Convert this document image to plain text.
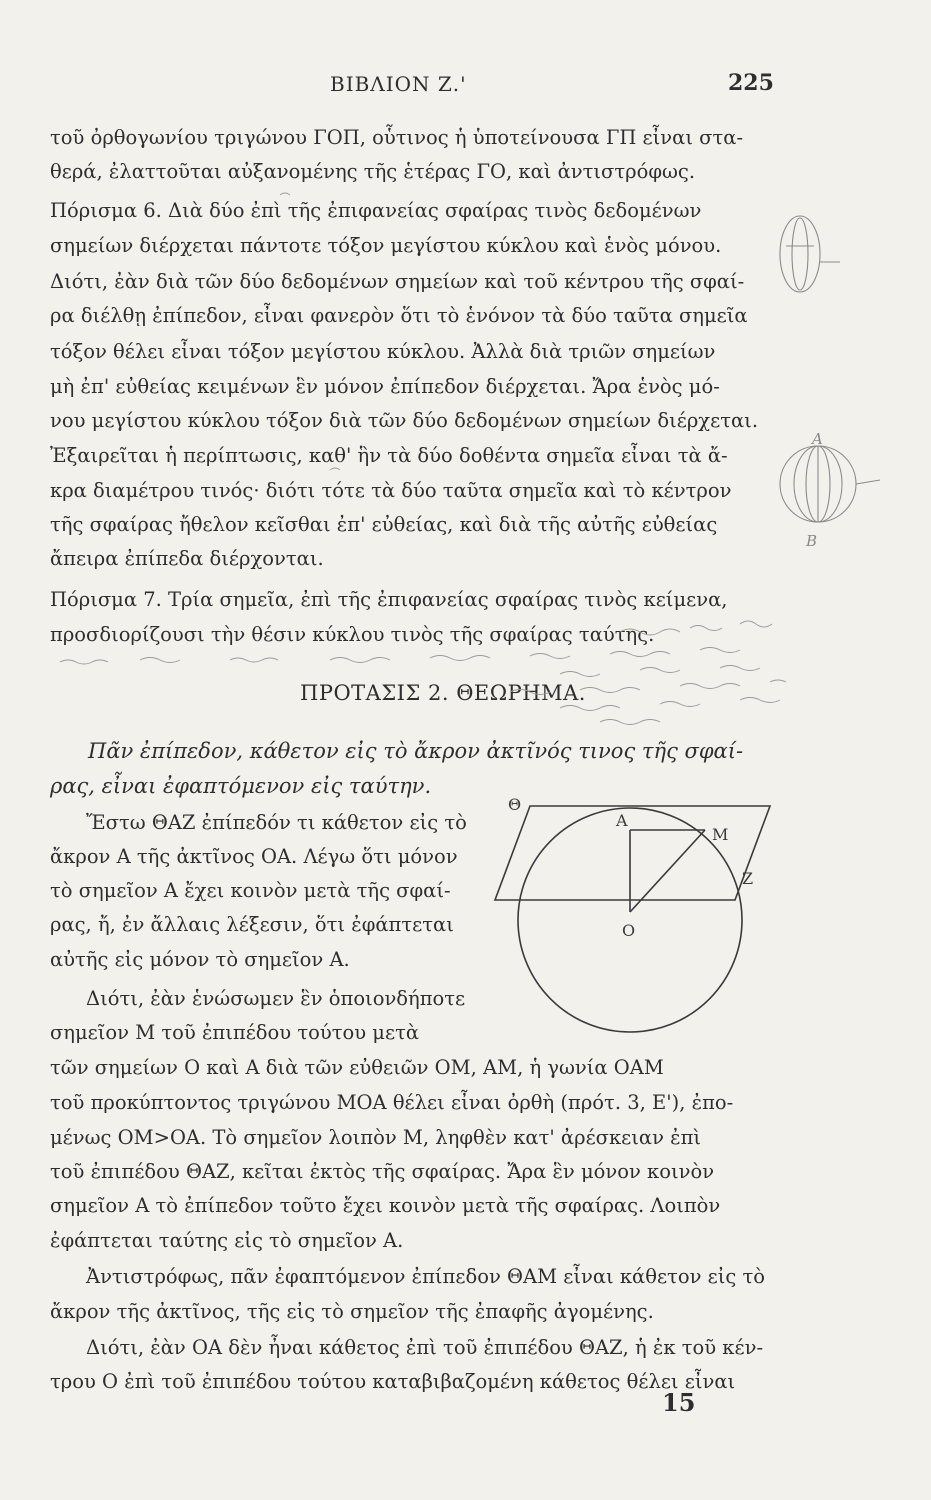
ΒΙΒΛΙΟΝ Ζ.'	225
τοῦ ὀρθογωνίου τριγώνου ΓΟΠ, οὗτινος ἡ ὑποτείνουσα ΓΠ εἶναι στα-
θερά, ἐλαττοῦται αὐξανομένης τῆς ἑτέρας ΓΟ, καὶ ἀντιστρόφως.
Πόρισμα 6. Διὰ δύο ἐπὶ τῆς ἐπιφανείας σφαίρας τινὸς δεδομένων
σημείων διέρχεται πάντοτε τόξον μεγίστου κύκλου καὶ ἑνὸς μόνου.
Διότι, ἐὰν διὰ τῶν δύο δεδομένων σημείων καὶ τοῦ κέντρου τῆς σφαί-
ρα διέλθῃ ἐπίπεδον, εἶναι φανερὸν ὅτι τὸ ἑνόνον τὰ δύο ταῦτα σημεῖα
τόξον θέλει εἶναι τόξον μεγίστου κύκλου. Ἀλλὰ διὰ τριῶν σημείων
μὴ ἐπ' εὐθείας κειμένων ἓν μόνον ἐπίπεδον διέρχεται. Ἄρα ἑνὸς μό-
νου μεγίστου κύκλου τόξον διὰ τῶν δύο δεδομένων σημείων διέρχεται.
Ἐξαιρεῖται ἡ περίπτωσις, καθ' ἣν τὰ δύο δοθέντα σημεῖα εἶναι τὰ ἄ-
κρα διαμέτρου τινός· διότι τότε τὰ δύο ταῦτα σημεῖα καὶ τὸ κέντρον
τῆς σφαίρας ἤθελον κεῖσθαι ἐπ' εὐθείας, καὶ διὰ τῆς αὐτῆς εὐθείας
ἄπειρα ἐπίπεδα διέρχονται.
Πόρισμα 7. Τρία σημεῖα, ἐπὶ τῆς ἐπιφανείας σφαίρας τινὸς κείμενα,
προσδιορίζουσι τὴν θέσιν κύκλου τινὸς τῆς σφαίρας ταύτης.
ΠΡΟΤΑΣΙΣ 2. ΘΕΩΡΗΜΑ.
Πᾶν ἐπίπεδον, κάθετον εἰς τὸ ἄκρον ἀκτῖνός τινος τῆς σφαί-
ρας, εἶναι ἐφαπτόμενον εἰς ταύτην.
Ἔστω ΘΑΖ ἐπίπεδόν τι κάθετον εἰς τὸ
ἄκρον Α τῆς ἀκτῖνος ΟΑ. Λέγω ὅτι μόνον
τὸ σημεῖον Α ἔχει κοινὸν μετὰ τῆς σφαί-
ρας, ἤ, ἐν ἄλλαις λέξεσιν, ὅτι ἐφάπτεται
αὐτῆς εἰς μόνον τὸ σημεῖον Α.
Διότι, ἐὰν ἑνώσωμεν ἓν ὁποιονδήποτε
σημεῖον Μ τοῦ ἐπιπέδου τούτου μετὰ
τῶν σημείων Ο καὶ Α διὰ τῶν εὐθειῶν ΟΜ, ΑΜ, ἡ γωνία ΟΑΜ
τοῦ προκύπτοντος τριγώνου ΜΟΑ θέλει εἶναι ὀρθὴ (πρότ. 3, Ε'), ἐπο-
μένως ΟΜ>ΟΑ. Τὸ σημεῖον λοιπὸν Μ, ληφθὲν κατ' ἀρέσκειαν ἐπὶ
τοῦ ἐπιπέδου ΘΑΖ, κεῖται ἐκτὸς τῆς σφαίρας. Ἄρα ἓν μόνον κοινὸν
σημεῖον Α τὸ ἐπίπεδον τοῦτο ἔχει κοινὸν μετὰ τῆς σφαίρας. Λοιπὸν
ἐφάπτεται ταύτης εἰς τὸ σημεῖον Α.
Ἀντιστρόφως, πᾶν ἐφαπτόμενον ἐπίπεδον ΘΑΜ εἶναι κάθετον εἰς τὸ
ἄκρον τῆς ἀκτῖνος, τῆς εἰς τὸ σημεῖον τῆς ἐπαφῆς ἀγομένης.
Διότι, ἐὰν ΟΑ δὲν ἦναι κάθετος ἐπὶ τοῦ ἐπιπέδου ΘΑΖ, ἡ ἐκ τοῦ κέν-
τρου Ο ἐπὶ τοῦ ἐπιπέδου τούτου καταβιβαζομένη κάθετος θέλει εἶναι
15
Θ
Α
Μ
Ζ
Ο
Α
Β
